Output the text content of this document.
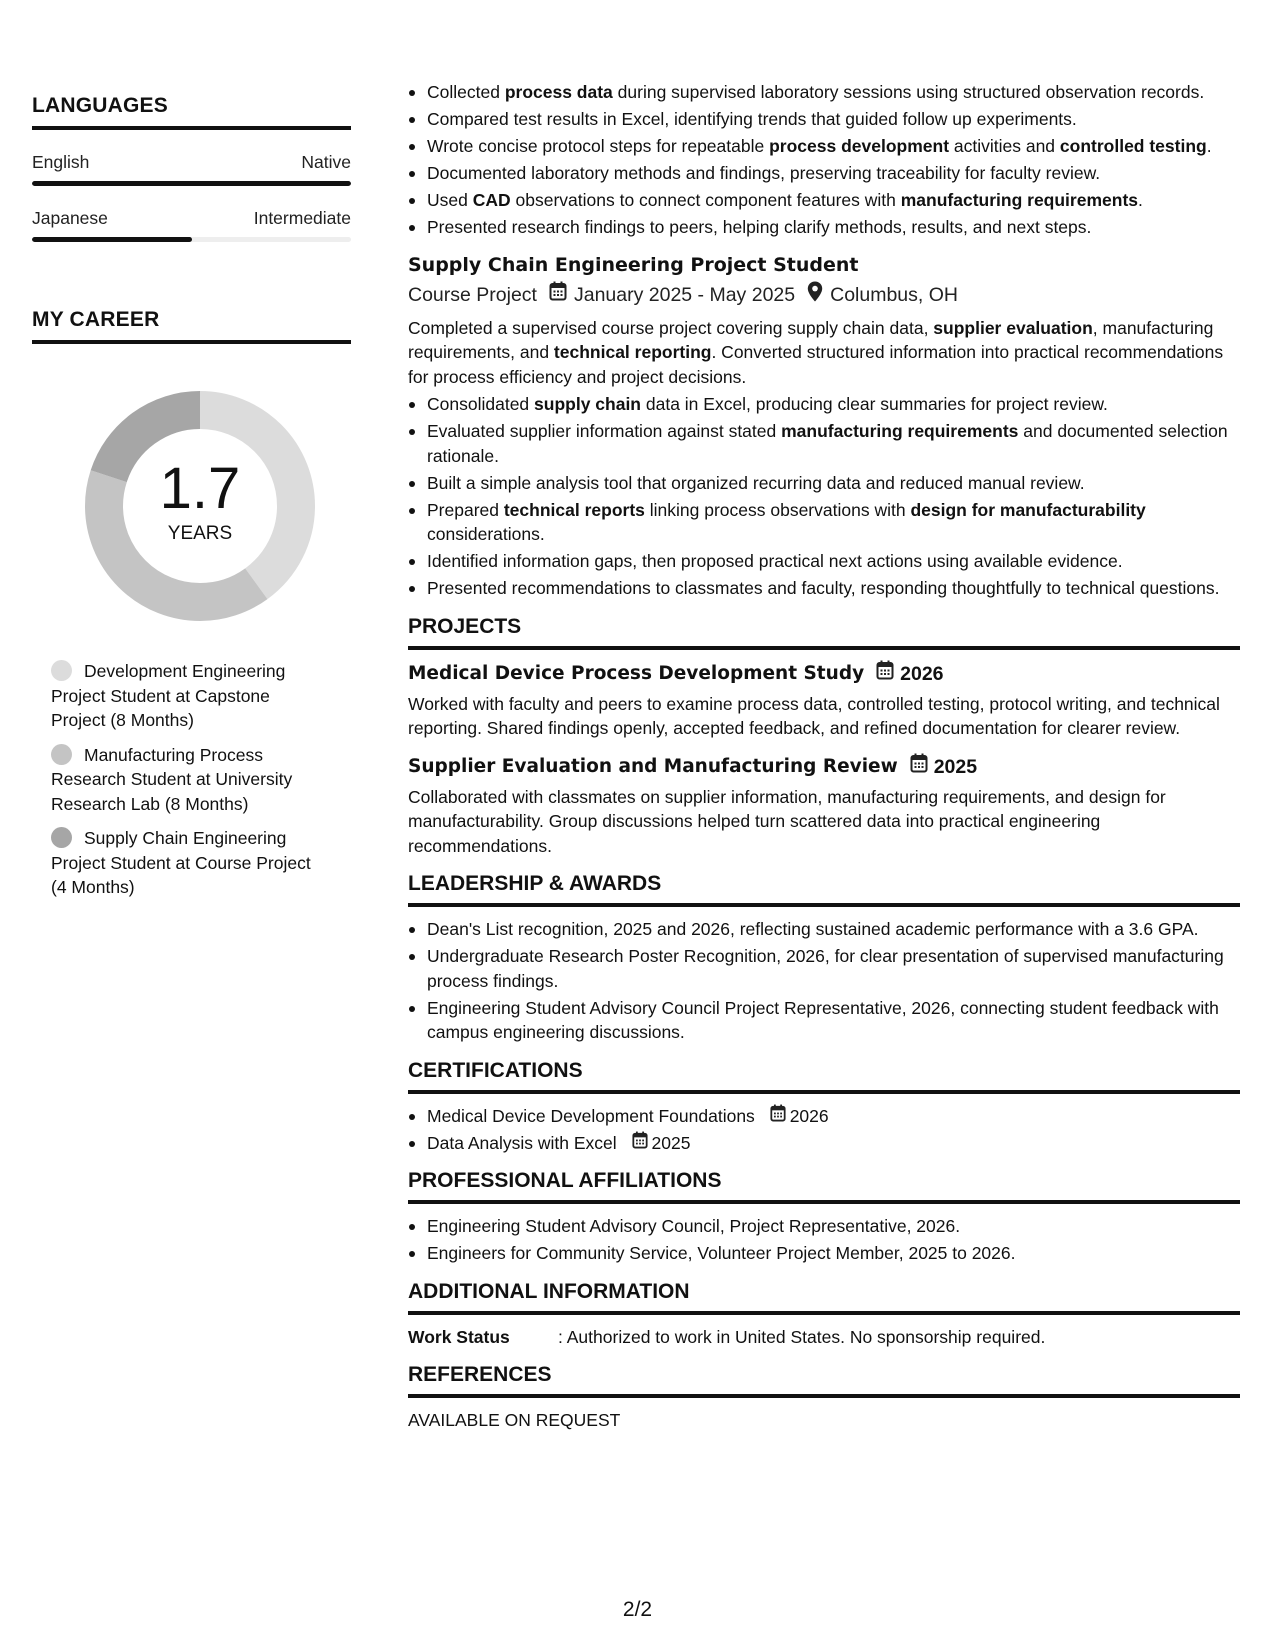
LANGUAGES
English	Native
Japanese	Intermediate
MY CAREER
1.7
YEARS
Development Engineering Project Student at Capstone Project (8 Months)
Manufacturing Process Research Student at University Research Lab (8 Months)
Supply Chain Engineering Project Student at Course Project (4 Months)
Collected process data during supervised laboratory sessions using structured observation records.
Compared test results in Excel, identifying trends that guided follow up experiments.
Wrote concise protocol steps for repeatable process development activities and controlled testing.
Documented laboratory methods and findings, preserving traceability for faculty review.
Used CAD observations to connect component features with manufacturing requirements.
Presented research findings to peers, helping clarify methods, results, and next steps.
Supply Chain Engineering Project Student
Course Project January 2025 - May 2025 Columbus, OH
Completed a supervised course project covering supply chain data, supplier evaluation, manufacturing requirements, and technical reporting. Converted structured information into practical recommendations for process efficiency and project decisions.
Consolidated supply chain data in Excel, producing clear summaries for project review.
Evaluated supplier information against stated manufacturing requirements and documented selection rationale.
Built a simple analysis tool that organized recurring data and reduced manual review.
Prepared technical reports linking process observations with design for manufacturability considerations.
Identified information gaps, then proposed practical next actions using available evidence.
Presented recommendations to classmates and faculty, responding thoughtfully to technical questions.
PROJECTS
Medical Device Process Development Study 2026
Worked with faculty and peers to examine process data, controlled testing, protocol writing, and technical reporting. Shared findings openly, accepted feedback, and refined documentation for clearer review.
Supplier Evaluation and Manufacturing Review 2025
Collaborated with classmates on supplier information, manufacturing requirements, and design for manufacturability. Group discussions helped turn scattered data into practical engineering recommendations.
LEADERSHIP & AWARDS
Dean's List recognition, 2025 and 2026, reflecting sustained academic performance with a 3.6 GPA.
Undergraduate Research Poster Recognition, 2026, for clear presentation of supervised manufacturing process findings.
Engineering Student Advisory Council Project Representative, 2026, connecting student feedback with campus engineering discussions.
CERTIFICATIONS
Medical Device Development Foundations 2026
Data Analysis with Excel 2025
PROFESSIONAL AFFILIATIONS
Engineering Student Advisory Council, Project Representative, 2026.
Engineers for Community Service, Volunteer Project Member, 2025 to 2026.
ADDITIONAL INFORMATION
Work Status	: Authorized to work in United States. No sponsorship required.
REFERENCES
AVAILABLE ON REQUEST
2/2
